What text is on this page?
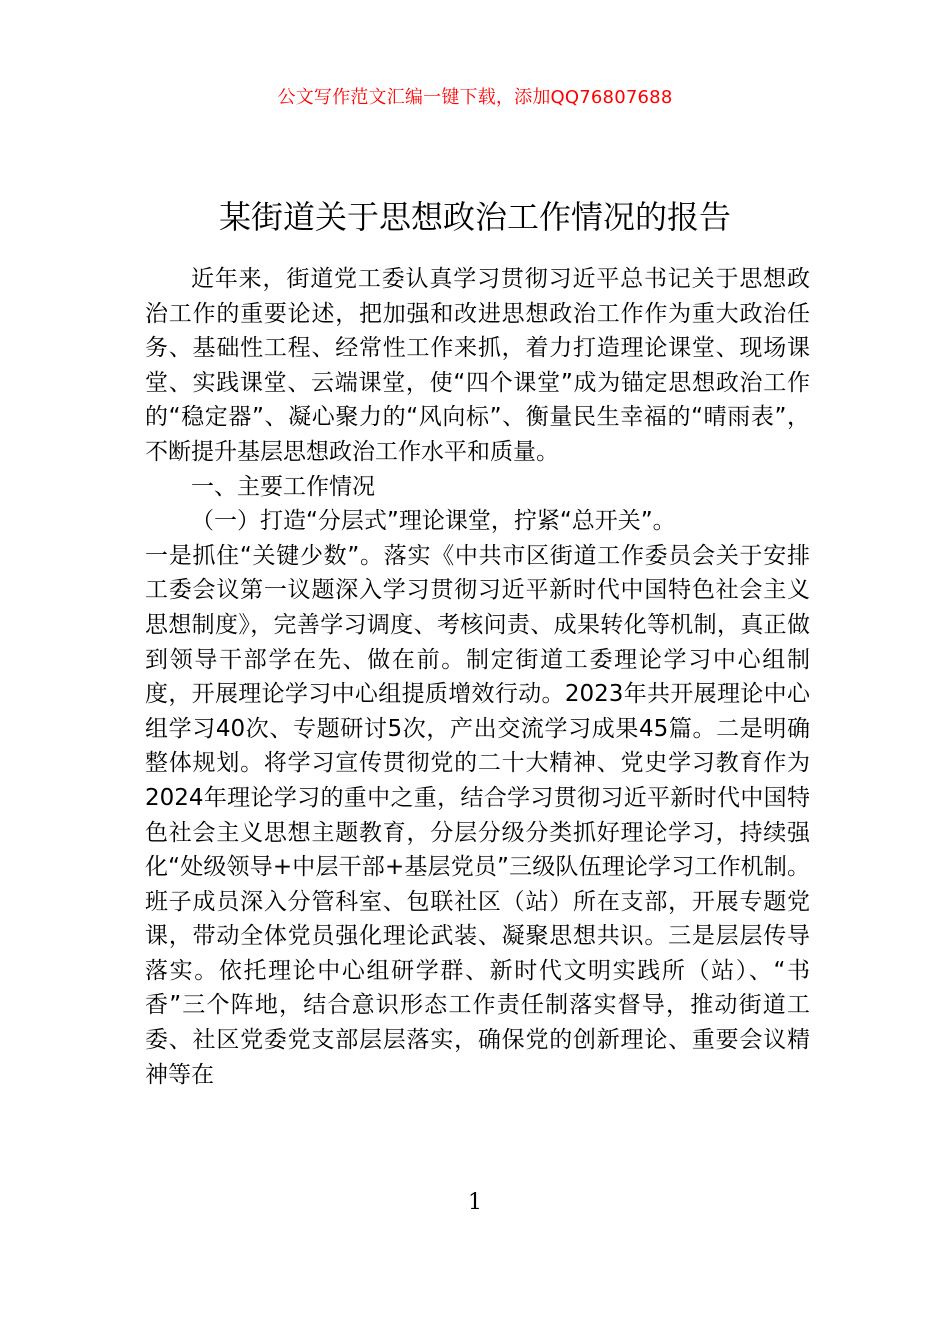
公文写作范文汇编一键下载，添加QQ76807688
某街道关于思想政治工作情况的报告

近年来，街道党工委认真学习贯彻习近平总书记关于思想政治工作的重要论述，把加强和改进思想政治工作作为重大政治任务、基础性工程、经常性工作来抓，着力打造理论课堂、现场课堂、实践课堂、云端课堂，使“四个课堂”成为锚定思想政治工作的“稳定器”、凝心聚力的“风向标”、衡量民生幸福的“晴雨表”，不断提升基层思想政治工作水平和质量。

一、主要工作情况

（一）打造“分层式”理论课堂，拧紧“总开关”。

一是抓住“关键少数”。落实《中共市区街道工作委员会关于安排工委会议第一议题深入学习贯彻习近平新时代中国特色社会主义思想制度》，完善学习调度、考核问责、成果转化等机制，真正做到领导干部学在先、做在前。制定街道工委理论学习中心组制度，开展理论学习中心组提质增效行动。2023年共开展理论中心组学习40次、专题研讨5次，产出交流学习成果45篇。二是明确整体规划。将学习宣传贯彻党的二十大精神、党史学习教育作为2024年理论学习的重中之重，结合学习贯彻习近平新时代中国特色社会主义思想主题教育，分层分级分类抓好理论学习，持续强化“处级领导+中层干部+基层党员”三级队伍理论学习工作机制。班子成员深入分管科室、包联社区（站）所在支部，开展专题党课，带动全体党员强化理论武装、凝聚思想共识。三是层层传导落实。依托理论中心组研学群、新时代文明实践所（站）、“书香”三个阵地，结合意识形态工作责任制落实督导，推动街道工委、社区党委党支部层层落实，确保党的创新理论、重要会议精神等在

1
